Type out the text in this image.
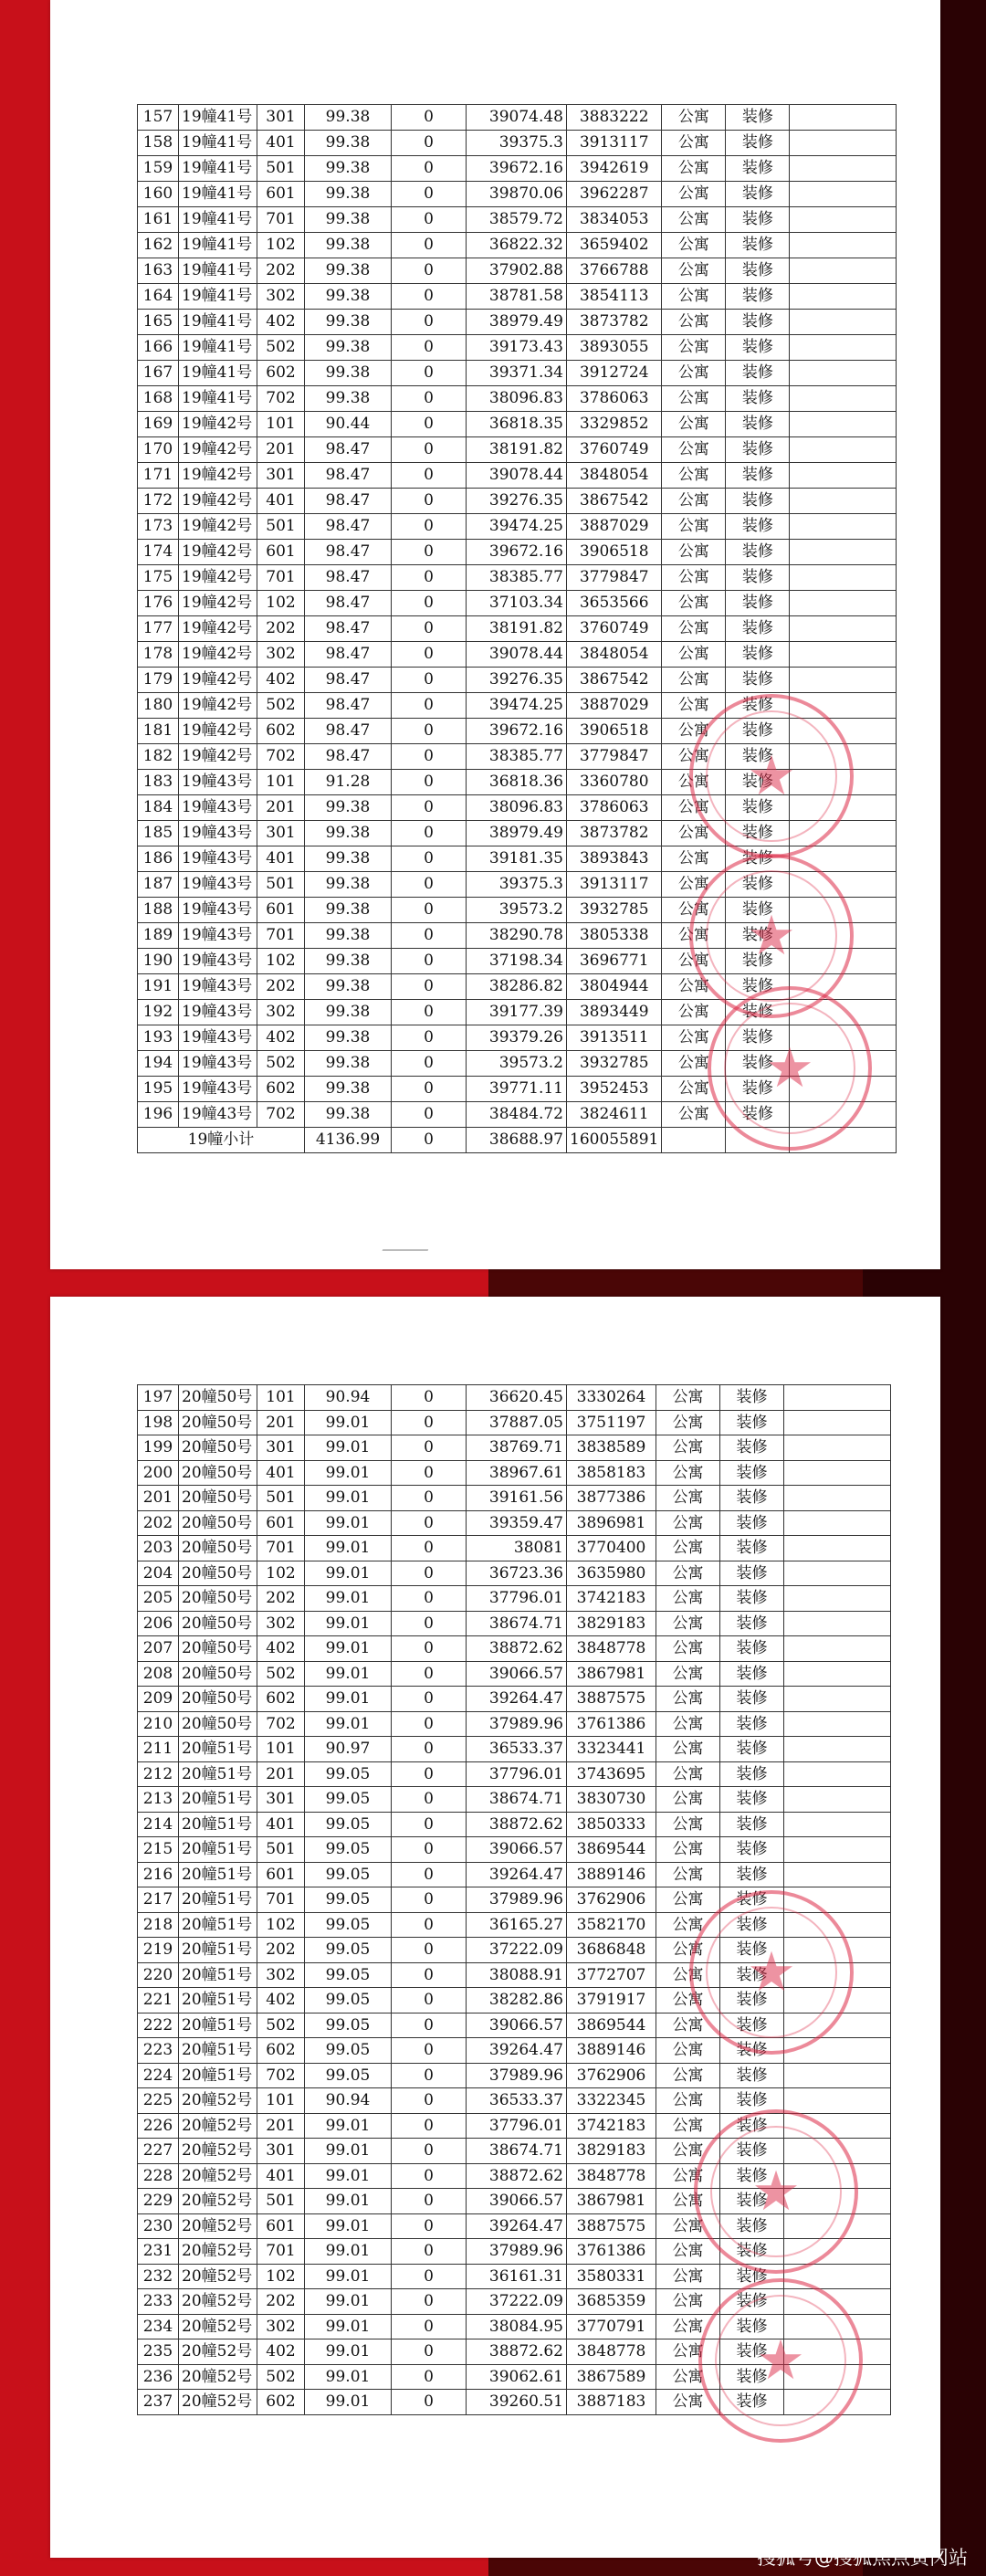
157	19幢41号	301	99.38	0	39074.48	3883222	公寓	装修	
158	19幢41号	401	99.38	0	39375.3	3913117	公寓	装修	
159	19幢41号	501	99.38	0	39672.16	3942619	公寓	装修	
160	19幢41号	601	99.38	0	39870.06	3962287	公寓	装修	
161	19幢41号	701	99.38	0	38579.72	3834053	公寓	装修	
162	19幢41号	102	99.38	0	36822.32	3659402	公寓	装修	
163	19幢41号	202	99.38	0	37902.88	3766788	公寓	装修	
164	19幢41号	302	99.38	0	38781.58	3854113	公寓	装修	
165	19幢41号	402	99.38	0	38979.49	3873782	公寓	装修	
166	19幢41号	502	99.38	0	39173.43	3893055	公寓	装修	
167	19幢41号	602	99.38	0	39371.34	3912724	公寓	装修	
168	19幢41号	702	99.38	0	38096.83	3786063	公寓	装修	
169	19幢42号	101	90.44	0	36818.35	3329852	公寓	装修	
170	19幢42号	201	98.47	0	38191.82	3760749	公寓	装修	
171	19幢42号	301	98.47	0	39078.44	3848054	公寓	装修	
172	19幢42号	401	98.47	0	39276.35	3867542	公寓	装修	
173	19幢42号	501	98.47	0	39474.25	3887029	公寓	装修	
174	19幢42号	601	98.47	0	39672.16	3906518	公寓	装修	
175	19幢42号	701	98.47	0	38385.77	3779847	公寓	装修	
176	19幢42号	102	98.47	0	37103.34	3653566	公寓	装修	
177	19幢42号	202	98.47	0	38191.82	3760749	公寓	装修	
178	19幢42号	302	98.47	0	39078.44	3848054	公寓	装修	
179	19幢42号	402	98.47	0	39276.35	3867542	公寓	装修	
180	19幢42号	502	98.47	0	39474.25	3887029	公寓	装修	
181	19幢42号	602	98.47	0	39672.16	3906518	公寓	装修	
182	19幢42号	702	98.47	0	38385.77	3779847	公寓	装修	
183	19幢43号	101	91.28	0	36818.36	3360780	公寓	装修	
184	19幢43号	201	99.38	0	38096.83	3786063	公寓	装修	
185	19幢43号	301	99.38	0	38979.49	3873782	公寓	装修	
186	19幢43号	401	99.38	0	39181.35	3893843	公寓	装修	
187	19幢43号	501	99.38	0	39375.3	3913117	公寓	装修	
188	19幢43号	601	99.38	0	39573.2	3932785	公寓	装修	
189	19幢43号	701	99.38	0	38290.78	3805338	公寓	装修	
190	19幢43号	102	99.38	0	37198.34	3696771	公寓	装修	
191	19幢43号	202	99.38	0	38286.82	3804944	公寓	装修	
192	19幢43号	302	99.38	0	39177.39	3893449	公寓	装修	
193	19幢43号	402	99.38	0	39379.26	3913511	公寓	装修	
194	19幢43号	502	99.38	0	39573.2	3932785	公寓	装修	
195	19幢43号	602	99.38	0	39771.11	3952453	公寓	装修	
196	19幢43号	702	99.38	0	38484.72	3824611	公寓	装修	
19幢小计			4136.99	0	38688.97	160055891			
★
★
★
197	20幢50号	101	90.94	0	36620.45	3330264	公寓	装修	
198	20幢50号	201	99.01	0	37887.05	3751197	公寓	装修	
199	20幢50号	301	99.01	0	38769.71	3838589	公寓	装修	
200	20幢50号	401	99.01	0	38967.61	3858183	公寓	装修	
201	20幢50号	501	99.01	0	39161.56	3877386	公寓	装修	
202	20幢50号	601	99.01	0	39359.47	3896981	公寓	装修	
203	20幢50号	701	99.01	0	38081	3770400	公寓	装修	
204	20幢50号	102	99.01	0	36723.36	3635980	公寓	装修	
205	20幢50号	202	99.01	0	37796.01	3742183	公寓	装修	
206	20幢50号	302	99.01	0	38674.71	3829183	公寓	装修	
207	20幢50号	402	99.01	0	38872.62	3848778	公寓	装修	
208	20幢50号	502	99.01	0	39066.57	3867981	公寓	装修	
209	20幢50号	602	99.01	0	39264.47	3887575	公寓	装修	
210	20幢50号	702	99.01	0	37989.96	3761386	公寓	装修	
211	20幢51号	101	90.97	0	36533.37	3323441	公寓	装修	
212	20幢51号	201	99.05	0	37796.01	3743695	公寓	装修	
213	20幢51号	301	99.05	0	38674.71	3830730	公寓	装修	
214	20幢51号	401	99.05	0	38872.62	3850333	公寓	装修	
215	20幢51号	501	99.05	0	39066.57	3869544	公寓	装修	
216	20幢51号	601	99.05	0	39264.47	3889146	公寓	装修	
217	20幢51号	701	99.05	0	37989.96	3762906	公寓	装修	
218	20幢51号	102	99.05	0	36165.27	3582170	公寓	装修	
219	20幢51号	202	99.05	0	37222.09	3686848	公寓	装修	
220	20幢51号	302	99.05	0	38088.91	3772707	公寓	装修	
221	20幢51号	402	99.05	0	38282.86	3791917	公寓	装修	
222	20幢51号	502	99.05	0	39066.57	3869544	公寓	装修	
223	20幢51号	602	99.05	0	39264.47	3889146	公寓	装修	
224	20幢51号	702	99.05	0	37989.96	3762906	公寓	装修	
225	20幢52号	101	90.94	0	36533.37	3322345	公寓	装修	
226	20幢52号	201	99.01	0	37796.01	3742183	公寓	装修	
227	20幢52号	301	99.01	0	38674.71	3829183	公寓	装修	
228	20幢52号	401	99.01	0	38872.62	3848778	公寓	装修	
229	20幢52号	501	99.01	0	39066.57	3867981	公寓	装修	
230	20幢52号	601	99.01	0	39264.47	3887575	公寓	装修	
231	20幢52号	701	99.01	0	37989.96	3761386	公寓	装修	
232	20幢52号	102	99.01	0	36161.31	3580331	公寓	装修	
233	20幢52号	202	99.01	0	37222.09	3685359	公寓	装修	
234	20幢52号	302	99.01	0	38084.95	3770791	公寓	装修	
235	20幢52号	402	99.01	0	38872.62	3848778	公寓	装修	
236	20幢52号	502	99.01	0	39062.61	3867589	公寓	装修	
237	20幢52号	602	99.01	0	39260.51	3887183	公寓	装修	
★
★
★
搜狐号@搜狐焦点黄冈站
